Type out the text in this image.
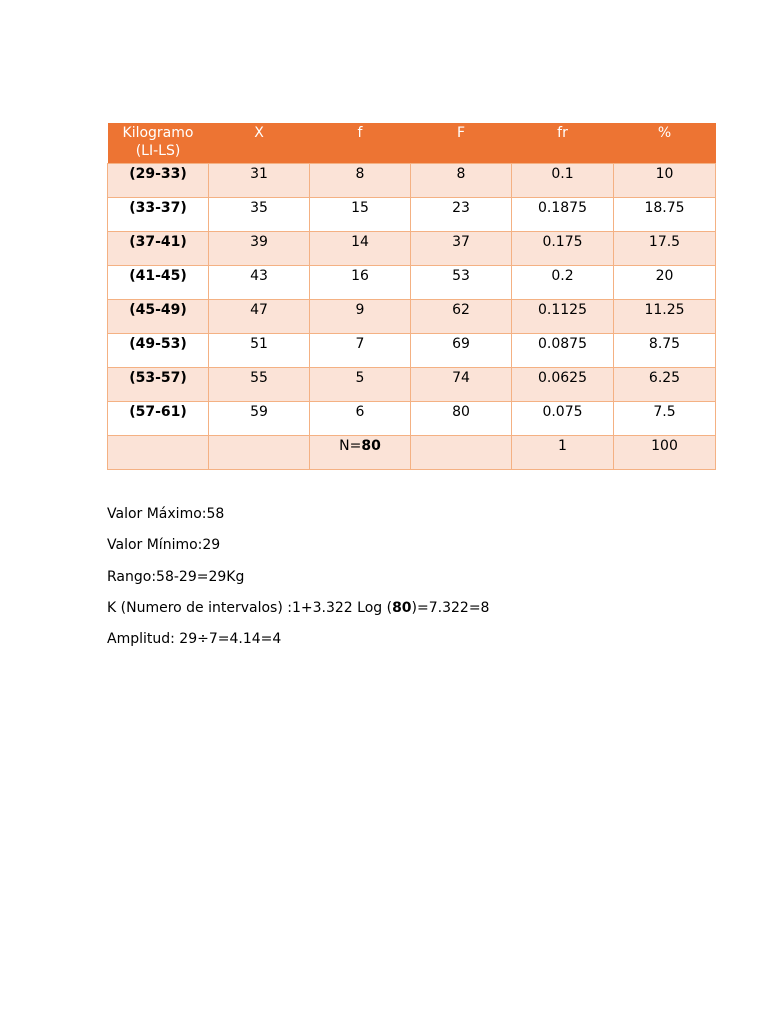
Kilogramo
(LI-LS)	X	f	F	fr	%
(29-33)	31	8	8	0.1	10
(33-37)	35	15	23	0.1875	18.75
(37-41)	39	14	37	0.175	17.5
(41-45)	43	16	53	0.2	20
(45-49)	47	9	62	0.1125	11.25
(49-53)	51	7	69	0.0875	8.75
(53-57)	55	5	74	0.0625	6.25
(57-61)	59	6	80	0.075	7.5
		N=80		1	100

Valor Máximo:58

Valor Mínimo:29

Rango:58-29=29Kg

K (Numero de intervalos) :1+3.322 Log (80)=7.322=8

Amplitud: 29÷7=4.14=4
